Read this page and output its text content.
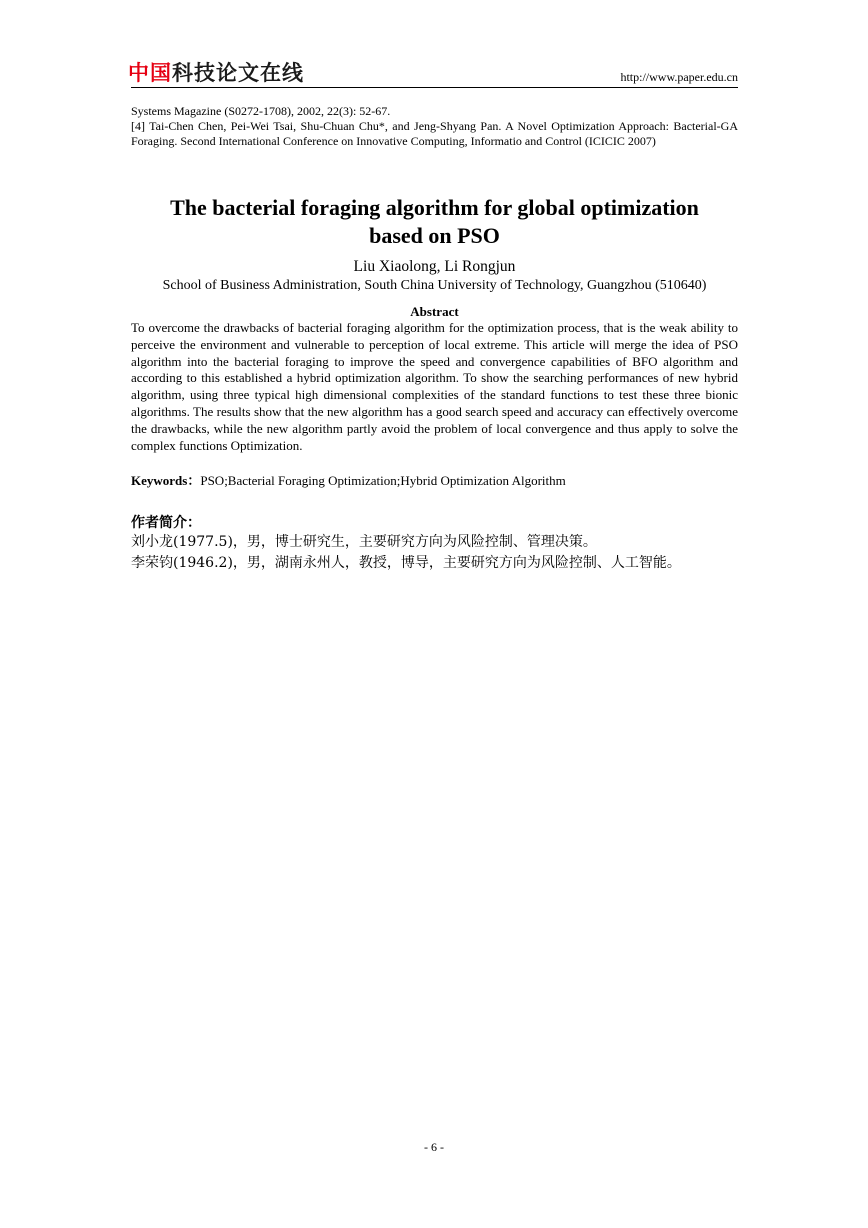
中国科技论文在线	http://www.paper.edu.cn

Systems Magazine (S0272-1708), 2002, 22(3): 52-67.

[4] Tai-Chen Chen, Pei-Wei Tsai, Shu-Chuan Chu*, and Jeng-Shyang Pan. A Novel Optimization Approach: Bacterial-GA Foraging. Second International Conference on Innovative Computing, Informatio and Control (ICICIC 2007)

The bacterial foraging algorithm for global optimization
based on PSO
Liu Xiaolong, Li Rongjun
School of Business Administration, South China University of Technology, Guangzhou (510640)
Abstract
To overcome the drawbacks of bacterial foraging algorithm for the optimization process, that is the weak ability to perceive the environment and vulnerable to perception of local extreme. This article will merge the idea of PSO algorithm into the bacterial foraging to improve the speed and convergence capabilities of BFO algorithm and according to this established a hybrid optimization algorithm. To show the searching performances of new hybrid algorithm, using three typical high dimensional complexities of the standard functions to test these three bionic algorithms. The results show that the new algorithm has a good search speed and accuracy can effectively overcome the drawbacks, while the new algorithm partly avoid the problem of local convergence and thus apply to solve the complex functions Optimization.
Keywords：PSO;Bacterial Foraging Optimization;Hybrid Optimization Algorithm
作者简介：
刘小龙(1977.5)，男，博士研究生，主要研究方向为风险控制、管理决策。
李荣钧(1946.2)，男，湖南永州人，教授，博导，主要研究方向为风险控制、人工智能。
- 6 -
